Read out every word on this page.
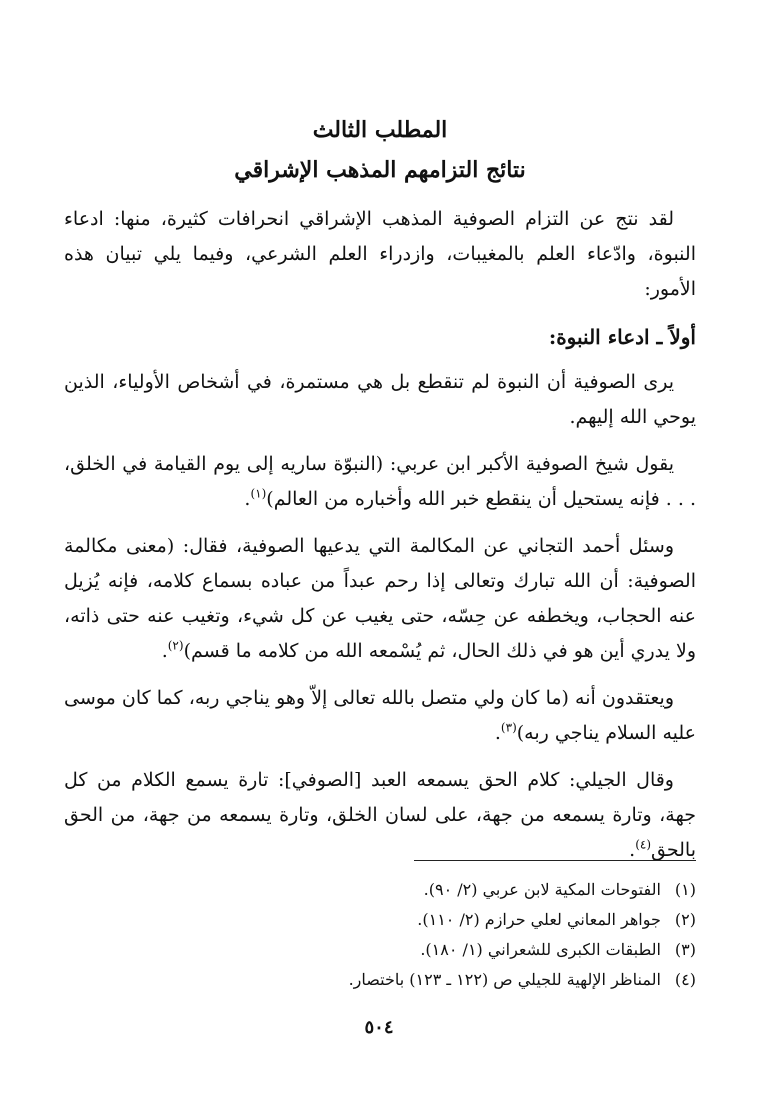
المطلب الثالث
نتائج التزامهم المذهب الإشراقي

لقد نتج عن التزام الصوفية المذهب الإشراقي انحرافات كثيرة، منها: ادعاء النبوة، وادّعاء العلم بالمغيبات، وازدراء العلم الشرعي، وفيما يلي تبيان هذه الأمور:

أولاً ـ ادعاء النبوة:

يرى الصوفية أن النبوة لم تنقطع بل هي مستمرة، في أشخاص الأولياء، الذين يوحي الله إليهم.

يقول شيخ الصوفية الأكبر ابن عربي: (النبوّة ساريه إلى يوم القيامة في الخلق، . . . فإنه يستحيل أن ينقطع خبر الله وأخباره من العالم)$^{(١)}$.

وسئل أحمد التجاني عن المكالمة التي يدعيها الصوفية، فقال: (معنى مكالمة الصوفية: أن الله تبارك وتعالى إذا رحم عبداً من عباده بسماع كلامه، فإنه يُزيل عنه الحجاب، ويخطفه عن حِسّه، حتى يغيب عن كل شيء، وتغيب عنه حتى ذاته، ولا يدري أين هو في ذلك الحال، ثم يُسْمعه الله من كلامه ما قسم)$^{(٢)}$.

ويعتقدون أنه (ما كان ولي متصل بالله تعالى إلاّ وهو يناجي ربه، كما كان موسى عليه السلام يناجي ربه)$^{(٣)}$.

وقال الجيلي: كلام الحق يسمعه العبد [الصوفي]: تارة يسمع الكلام من كل جهة، وتارة يسمعه من جهة، على لسان الخلق، وتارة يسمعه من جهة، من الحق بالحق$^{(٤)}$.

(١) الفتوحات المكية لابن عربي (٢/ ٩٠).
(٢) جواهر المعاني لعلي حرازم (٢/ ١١٠).
(٣) الطبقات الكبرى للشعراني (١/ ١٨٠).
(٤) المناظر الإلهية للجيلي ص (١٢٢ ـ ١٢٣) باختصار.
٥٠٤
